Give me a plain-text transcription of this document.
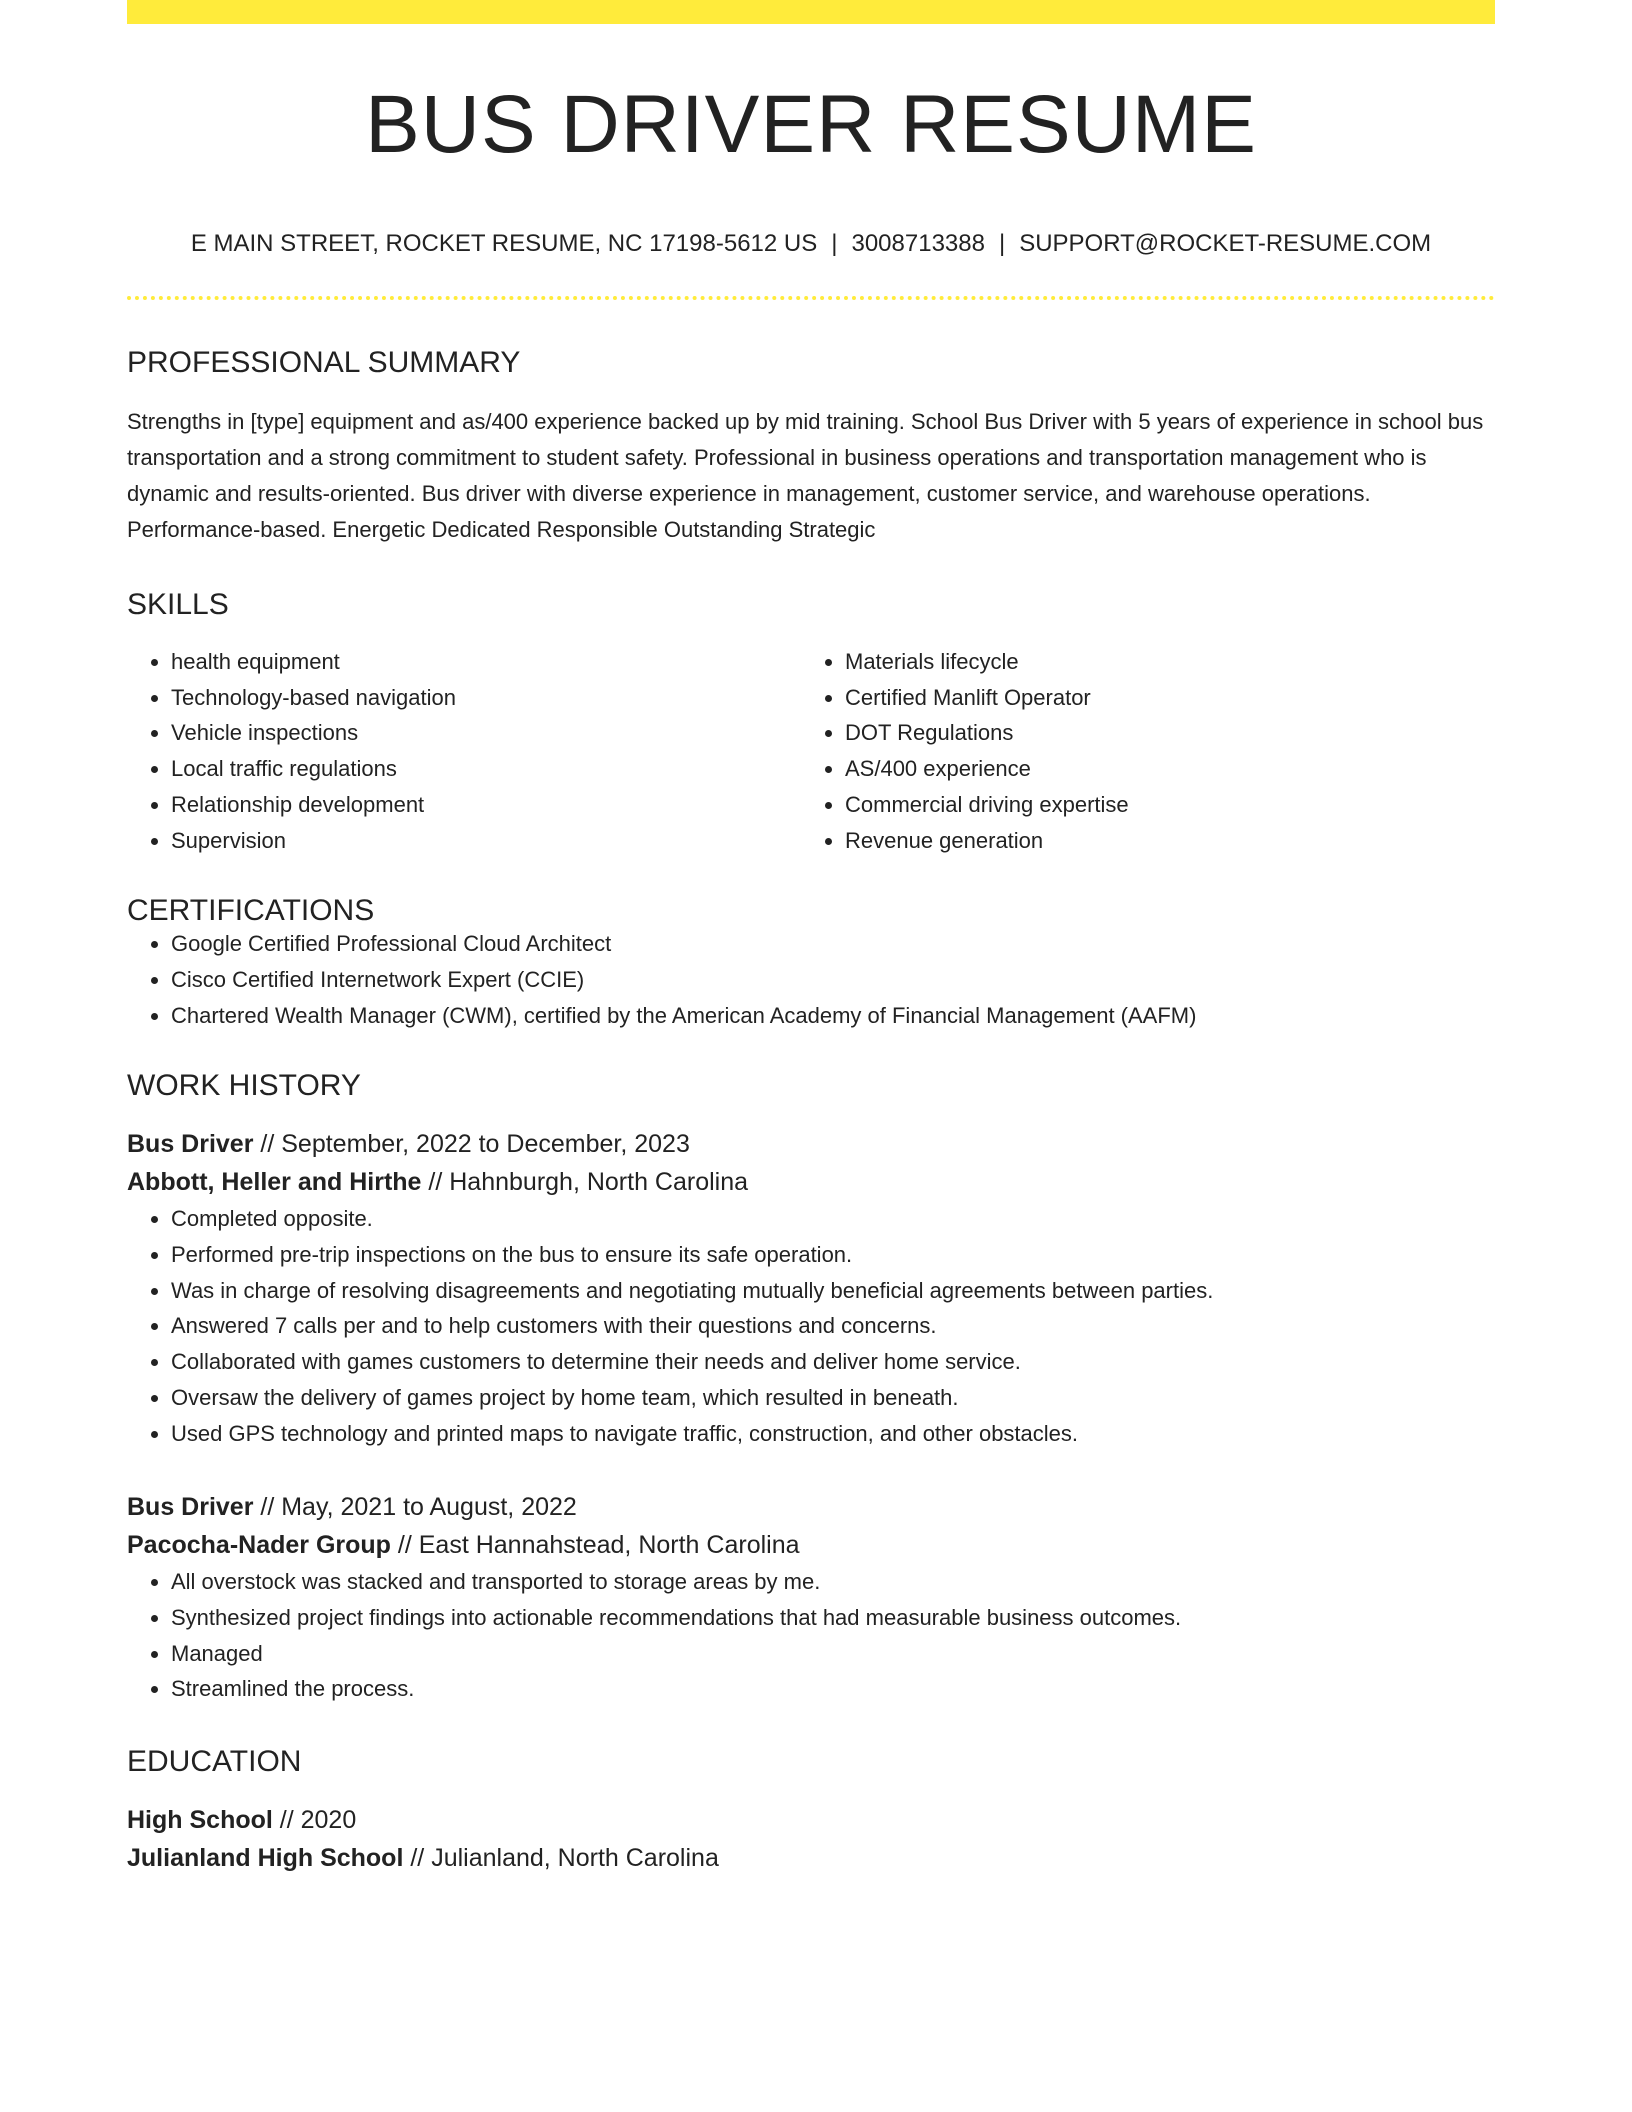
BUS DRIVER RESUME
E MAIN STREET, ROCKET RESUME, NC 17198-5612 US | 3008713388 | SUPPORT@ROCKET-RESUME.COM
PROFESSIONAL SUMMARY
Strengths in [type] equipment and as/400 experience backed up by mid training. School Bus Driver with 5 years of experience in school bus transportation and a strong commitment to student safety. Professional in business operations and transportation management who is dynamic and results-oriented. Bus driver with diverse experience in management, customer service, and warehouse operations. Performance-based. Energetic Dedicated Responsible Outstanding Strategic
SKILLS
• health equipment
• Technology-based navigation
• Vehicle inspections
• Local traffic regulations
• Relationship development
• Supervision
• Materials lifecycle
• Certified Manlift Operator
• DOT Regulations
• AS/400 experience
• Commercial driving expertise
• Revenue generation
CERTIFICATIONS
• Google Certified Professional Cloud Architect
• Cisco Certified Internetwork Expert (CCIE)
• Chartered Wealth Manager (CWM), certified by the American Academy of Financial Management (AAFM)
WORK HISTORY
Bus Driver // September, 2022 to December, 2023
Abbott, Heller and Hirthe // Hahnburgh, North Carolina
• Completed opposite.
• Performed pre-trip inspections on the bus to ensure its safe operation.
• Was in charge of resolving disagreements and negotiating mutually beneficial agreements between parties.
• Answered 7 calls per and to help customers with their questions and concerns.
• Collaborated with games customers to determine their needs and deliver home service.
• Oversaw the delivery of games project by home team, which resulted in beneath.
• Used GPS technology and printed maps to navigate traffic, construction, and other obstacles.
Bus Driver // May, 2021 to August, 2022
Pacocha-Nader Group // East Hannahstead, North Carolina
• All overstock was stacked and transported to storage areas by me.
• Synthesized project findings into actionable recommendations that had measurable business outcomes.
• Managed
• Streamlined the process.
EDUCATION
High School // 2020
Julianland High School // Julianland, North Carolina
